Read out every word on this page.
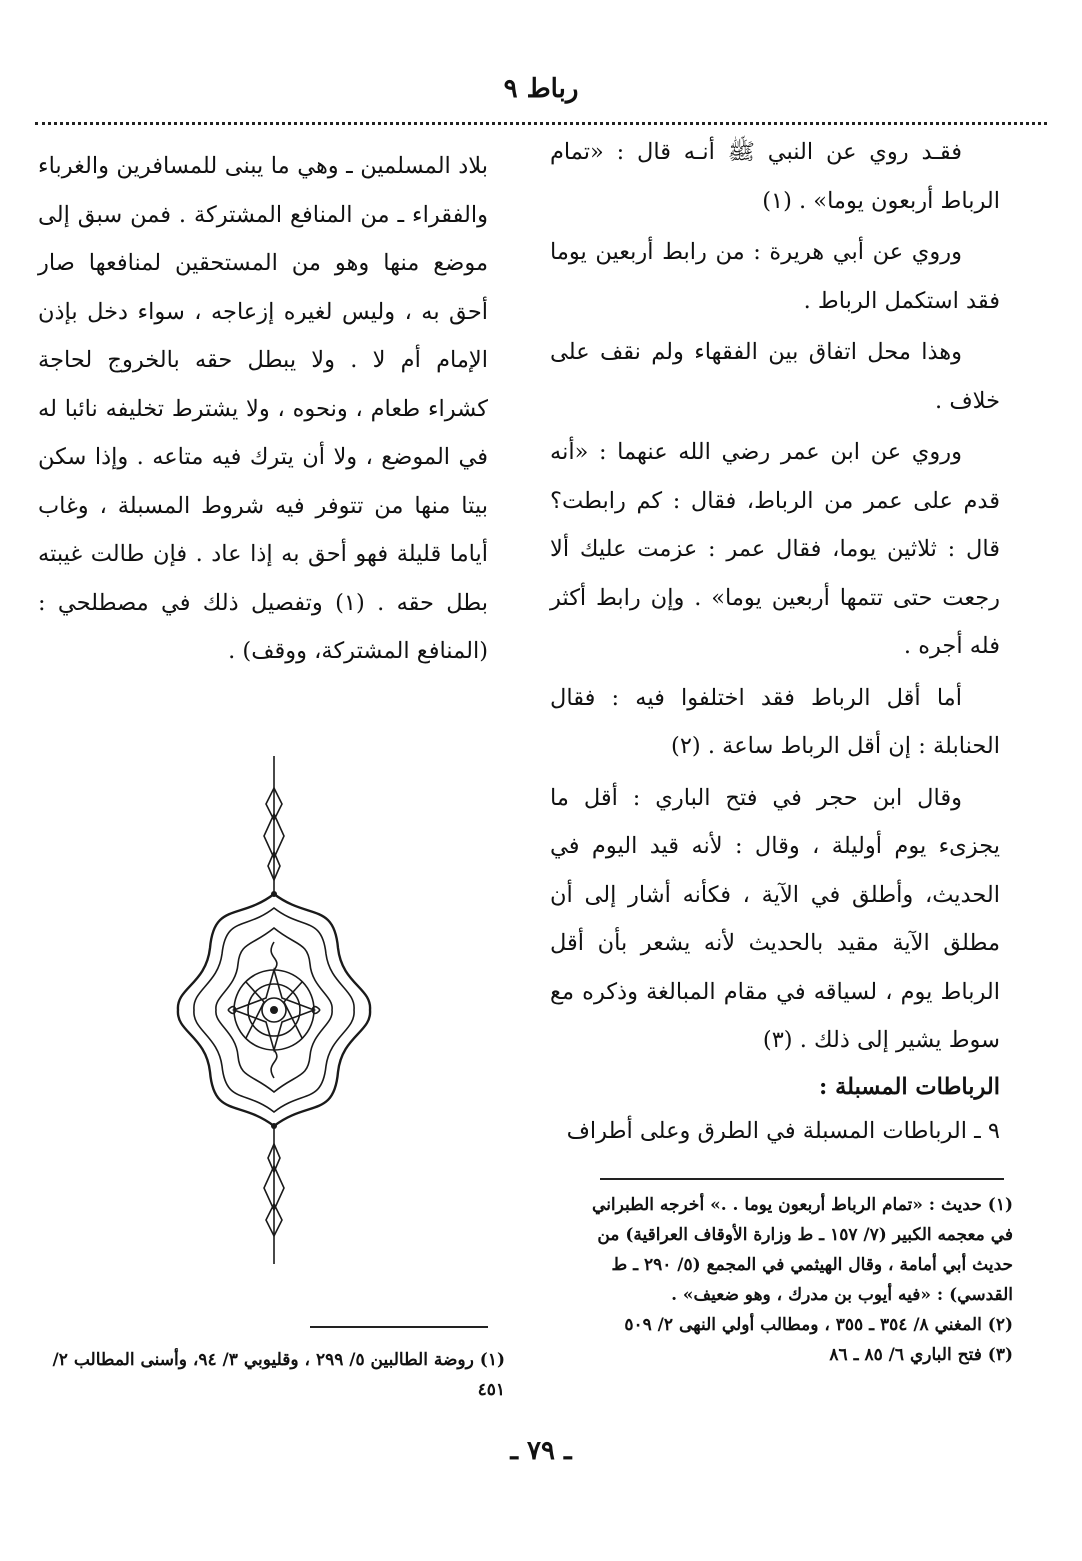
رباط ٩

فقـد روي عن النبي ﷺ أنـه قال : «تمام الرباط أربعون يوما» . (١)

وروي عن أبي هريرة : من رابط أربعين يوما فقد استكمل الرباط .

وهذا محل اتفاق بين الفقهاء ولم نقف على خلاف .

وروي عن ابن عمر رضي الله عنهما : «أنه قدم على عمر من الرباط، فقال : كم رابطت؟ قال : ثلاثين يوما، فقال عمر : عزمت عليك ألا رجعت حتى تتمها أربعين يوما» . وإن رابط أكثر فله أجره .

أما أقل الرباط فقد اختلفوا فيه : فقال الحنابلة : إن أقل الرباط ساعة . (٢)

وقال ابن حجر في فتح الباري : أقل ما يجزىء يوم أوليلة ، وقال : لأنه قيد اليوم في الحديث، وأطلق في الآية ، فكأنه أشار إلى أن مطلق الآية مقيد بالحديث لأنه يشعر بأن أقل الرباط يوم ، لسياقه في مقام المبالغة وذكره مع سوط يشير إلى ذلك . (٣)

الرباطات المسبلة :

٩ ـ الرباطات المسبلة في الطرق وعلى أطراف

بلاد المسلمين ـ وهي ما يبنى للمسافرين والغرباء والفقراء ـ من المنافع المشتركة . فمن سبق إلى موضع منها وهو من المستحقين لمنافعها صار أحق به ، وليس لغيره إزعاجه ، سواء دخل بإذن الإمام أم لا . ولا يبطل حقه بالخروج لحاجة كشراء طعام ، ونحوه ، ولا يشترط تخليفه نائبا له في الموضع ، ولا أن يترك فيه متاعه . وإذا سكن بيتا منها من تتوفر فيه شروط المسبلة ، وغاب أياما قليلة فهو أحق به إذا عاد . فإن طالت غيبته بطل حقه . (١) وتفصيل ذلك في مصطلحي : (المنافع المشتركة، ووقف) .

(١) حديث : «تمام الرباط أربعون يوما . .» أخرجه الطبراني في معجمه الكبير (٧/ ١٥٧ ـ ط وزارة الأوقاف العراقية) من حديث أبي أمامة ، وقال الهيثمي في المجمع (٥/ ٢٩٠ ـ ط القدسي) : «فيه أيوب بن مدرك ، وهو ضعيف» .

(٢) المغني ٨/ ٣٥٤ ـ ٣٥٥ ، ومطالب أولي النهى ٢/ ٥٠٩

(٣) فتح الباري ٦/ ٨٥ ـ ٨٦

(١) روضة الطالبين ٥/ ٢٩٩ ، وقليوبي ٣/ ٩٤، وأسنى المطالب ٢/ ٤٥١

ـ ٧٩ ـ
